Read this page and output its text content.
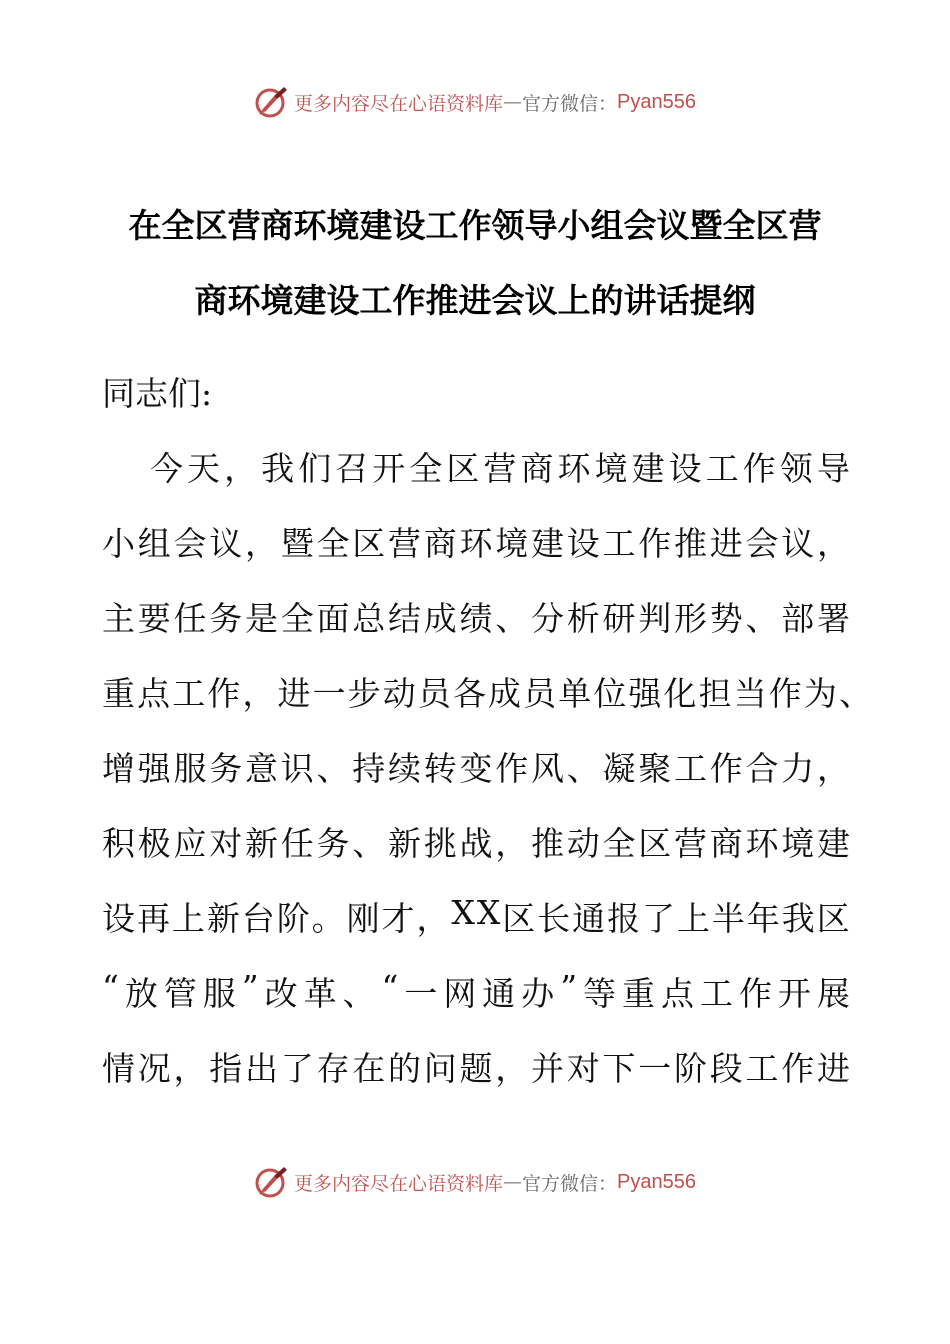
更多内容尽在心语资料库 — 官方微信： Pyan556
在全区营商环境建设工作领导小组会议暨全区营
商环境建设工作推进会议上的讲话提纲
同志们:
今 天 ， 我 们 召 开 全 区 营 商 环 境 建 设 工 作 领 导
小 组 会 议 ， 暨 全 区 营 商 环 境 建 设 工 作 推 进 会 议 ，
主 要 任 务 是 全 面 总 结 成 绩 、 分 析 研 判 形 势 、 部 署
重 点 工 作 ， 进 一 步 动 员 各 成 员 单 位 强 化 担 当 作 为 、
增 强 服 务 意 识 、 持 续 转 变 作 风 、 凝 聚 工 作 合 力 ，
积 极 应 对 新 任 务 、 新 挑 战 ， 推 动 全 区 营 商 环 境 建
设 再 上 新 台 阶 。 刚 才 ， X X 区 长 通 报 了 上 半 年 我 区
“ 放 管 服 ” 改 革 、 “ 一 网 通 办 ” 等 重 点 工 作 开 展
情 况 ， 指 出 了 存 在 的 问 题 ， 并 对 下 一 阶 段 工 作 进
更多内容尽在心语资料库 — 官方微信： Pyan556
